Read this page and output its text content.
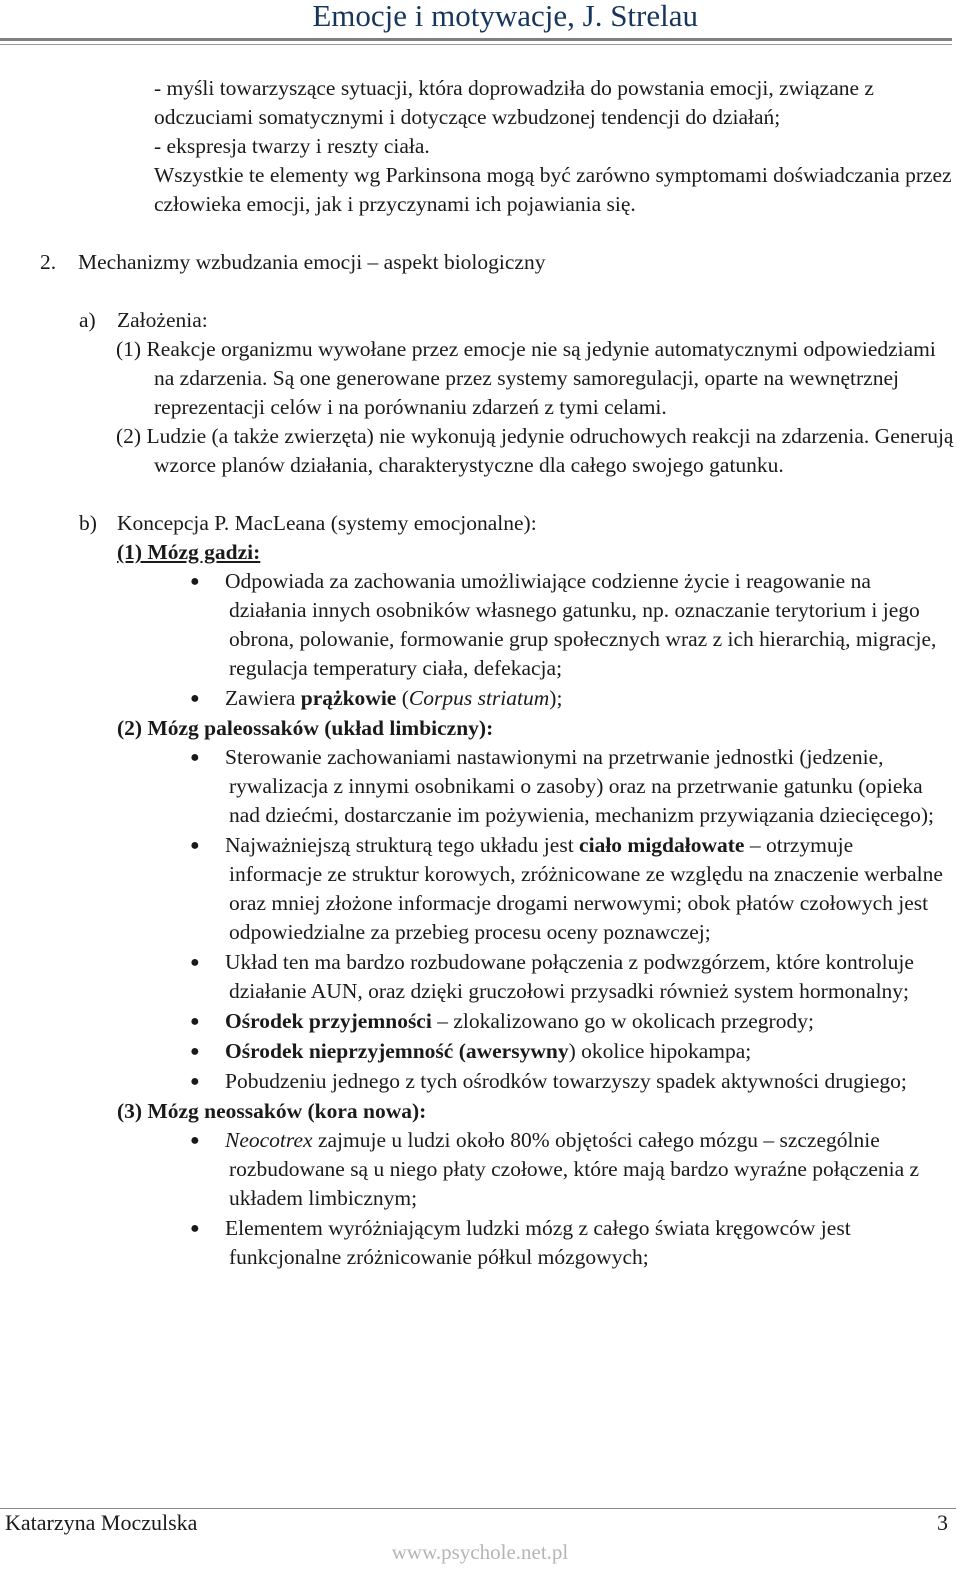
Emocje i motywacje, J. Strelau

- myśli towarzyszące sytuacji, która doprowadziła do powstania emocji, związane z odczuciami somatycznymi i dotyczące wzbudzonej tendencji do działań;

- ekspresja twarzy i reszty ciała.

Wszystkie te elementy wg Parkinsona mogą być zarówno symptomami doświadczania przez człowieka emocji, jak i przyczynami ich pojawiania się.

2. Mechanizmy wzbudzania emocji – aspekt biologiczny

a) Założenia:

(1) Reakcje organizmu wywołane przez emocje nie są jedynie automatycznymi odpowiedziami na zdarzenia. Są one generowane przez systemy samoregulacji, oparte na wewnętrznej reprezentacji celów i na porównaniu zdarzeń z tymi celami.

(2) Ludzie (a także zwierzęta) nie wykonują jedynie odruchowych reakcji na zdarzenia. Generują wzorce planów działania, charakterystyczne dla całego swojego gatunku.

b) Koncepcja P. MacLeana (systemy emocjonalne):

(1) Mózg gadzi:

● Odpowiada za zachowania umożliwiające codzienne życie i reagowanie na działania innych osobników własnego gatunku, np. oznaczanie terytorium i jego obrona, polowanie, formowanie grup społecznych wraz z ich hierarchią, migracje, regulacja temperatury ciała, defekacja;
● Zawiera prążkowie (Corpus striatum);

(2) Mózg paleossaków (układ limbiczny):

● Sterowanie zachowaniami nastawionymi na przetrwanie jednostki (jedzenie, rywalizacja z innymi osobnikami o zasoby) oraz na przetrwanie gatunku (opieka nad dziećmi, dostarczanie im pożywienia, mechanizm przywiązania dziecięcego);
● Najważniejszą strukturą tego układu jest ciało migdałowate – otrzymuje informacje ze struktur korowych, zróżnicowane ze względu na znaczenie werbalne oraz mniej złożone informacje drogami nerwowymi; obok płatów czołowych jest odpowiedzialne za przebieg procesu oceny poznawczej;
● Układ ten ma bardzo rozbudowane połączenia z podwzgórzem, które kontroluje działanie AUN, oraz dzięki gruczołowi przysadki również system hormonalny;
● Ośrodek przyjemności – zlokalizowano go w okolicach przegrody;
● Ośrodek nieprzyjemność (awersywny) okolice hipokampa;
● Pobudzeniu jednego z tych ośrodków towarzyszy spadek aktywności drugiego;

(3) Mózg neossaków (kora nowa):

● Neocotrex zajmuje u ludzi około 80% objętości całego mózgu – szczególnie rozbudowane są u niego płaty czołowe, które mają bardzo wyraźne połączenia z układem limbicznym;
● Elementem wyróżniającym ludzki mózg z całego świata kręgowców jest funkcjonalne zróżnicowanie półkul mózgowych;
Katarzyna Moczulska	3
www.psychole.net.pl
